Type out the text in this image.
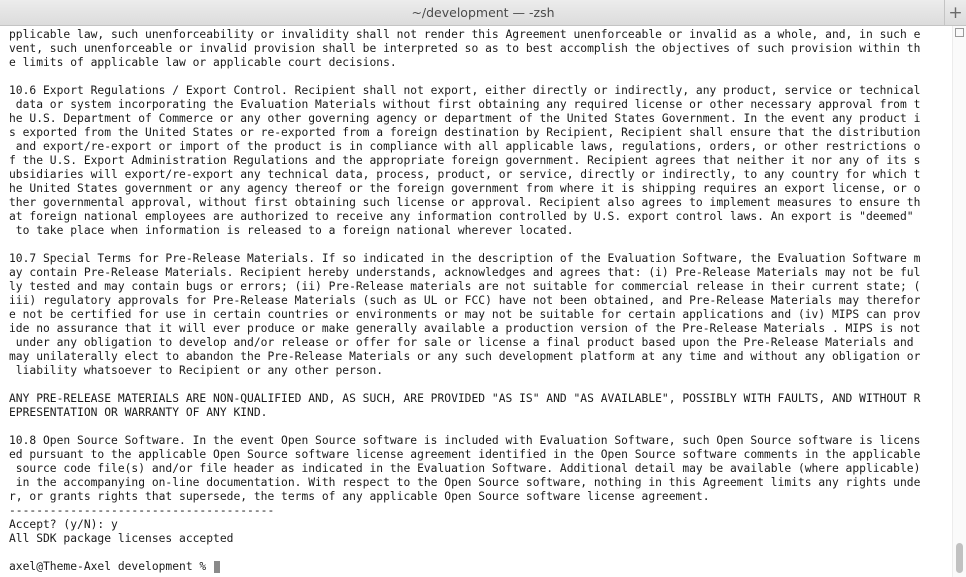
~/development — -zsh	+
pplicable law, such unenforceability or invalidity shall not render this Agreement unenforceable or invalid as a whole, and, in such e
vent, such unenforceable or invalid provision shall be interpreted so as to best accomplish the objectives of such provision within th
e limits of applicable law or applicable court decisions.
10.6 Export Regulations / Export Control. Recipient shall not export, either directly or indirectly, any product, service or technical
data or system incorporating the Evaluation Materials without first obtaining any required license or other necessary approval from t
he U.S. Department of Commerce or any other governing agency or department of the United States Government. In the event any product i
s exported from the United States or re-exported from a foreign destination by Recipient, Recipient shall ensure that the distribution
and export/re-export or import of the product is in compliance with all applicable laws, regulations, orders, or other restrictions o
f the U.S. Export Administration Regulations and the appropriate foreign government. Recipient agrees that neither it nor any of its s
ubsidiaries will export/re-export any technical data, process, product, or service, directly or indirectly, to any country for which t
he United States government or any agency thereof or the foreign government from where it is shipping requires an export license, or o
ther governmental approval, without first obtaining such license or approval. Recipient also agrees to implement measures to ensure th
at foreign national employees are authorized to receive any information controlled by U.S. export control laws. An export is "deemed"
to take place when information is released to a foreign national wherever located.
10.7 Special Terms for Pre-Release Materials. If so indicated in the description of the Evaluation Software, the Evaluation Software m
ay contain Pre-Release Materials. Recipient hereby understands, acknowledges and agrees that: (i) Pre-Release Materials may not be ful
ly tested and may contain bugs or errors; (ii) Pre-Release materials are not suitable for commercial release in their current state; (
iii) regulatory approvals for Pre-Release Materials (such as UL or FCC) have not been obtained, and Pre-Release Materials may therefor
e not be certified for use in certain countries or environments or may not be suitable for certain applications and (iv) MIPS can prov
ide no assurance that it will ever produce or make generally available a production version of the Pre-Release Materials . MIPS is not
under any obligation to develop and/or release or offer for sale or license a final product based upon the Pre-Release Materials and
may unilaterally elect to abandon the Pre-Release Materials or any such development platform at any time and without any obligation or
liability whatsoever to Recipient or any other person.
ANY PRE-RELEASE MATERIALS ARE NON-QUALIFIED AND, AS SUCH, ARE PROVIDED "AS IS" AND "AS AVAILABLE", POSSIBLY WITH FAULTS, AND WITHOUT R
EPRESENTATION OR WARRANTY OF ANY KIND.
10.8 Open Source Software. In the event Open Source software is included with Evaluation Software, such Open Source software is licens
ed pursuant to the applicable Open Source software license agreement identified in the Open Source software comments in the applicable
source code file(s) and/or file header as indicated in the Evaluation Software. Additional detail may be available (where applicable)
in the accompanying on-line documentation. With respect to the Open Source software, nothing in this Agreement limits any rights unde
r, or grants rights that supersede, the terms of any applicable Open Source software license agreement.
---------------------------------------
Accept? (y/N): y
All SDK package licenses accepted
axel@Theme-Axel development %
